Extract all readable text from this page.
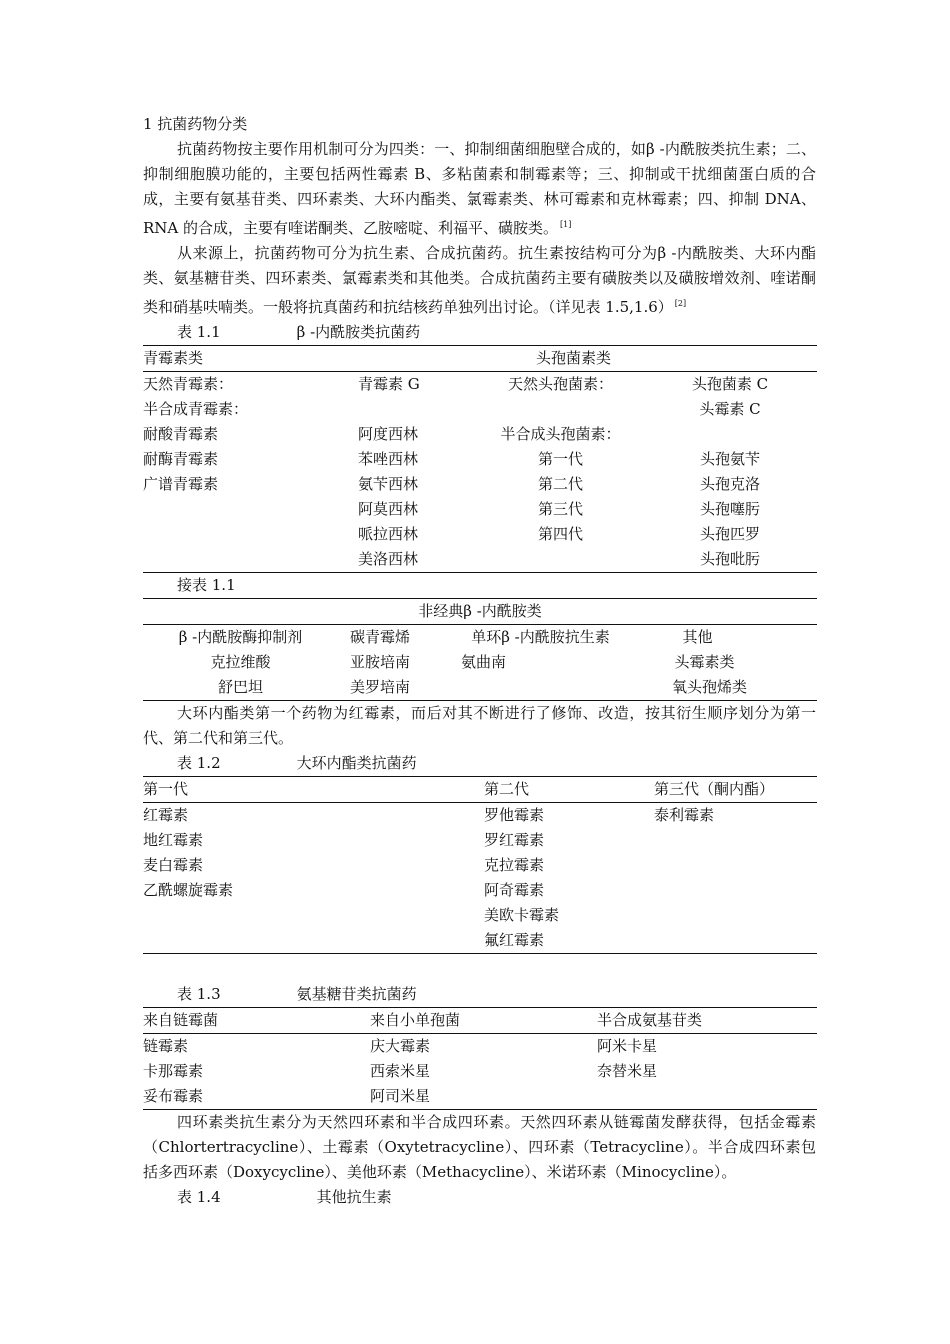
1 抗菌药物分类

抗菌药物按主要作用机制可分为四类：一、抑制细菌细胞壁合成的，如β -内酰胺类抗生素；二、抑制细胞膜功能的，主要包括两性霉素 B、多粘菌素和制霉素等；三、抑制或干扰细菌蛋白质的合成，主要有氨基苷类、四环素类、大环内酯类、氯霉素类、林可霉素和克林霉素；四、抑制 DNA、RNA 的合成，主要有喹诺酮类、乙胺嘧啶、利福平、磺胺类。 [1]

从来源上，抗菌药物可分为抗生素、合成抗菌药。抗生素按结构可分为β -内酰胺类、大环内酯类、氨基糖苷类、四环素类、氯霉素类和其他类。合成抗菌药主要有磺胺类以及磺胺增效剂、喹诺酮类和硝基呋喃类。一般将抗真菌药和抗结核药单独列出讨论。（详见表 1.5,1.6） [2]

表 1.1	β -内酰胺类抗菌药
青霉素类		头孢菌素类	
天然青霉素：	青霉素 G	天然头孢菌素：	头孢菌素 C
半合成青霉素：			头霉素 C
耐酸青霉素	阿度西林	半合成头孢菌素：	
耐酶青霉素	苯唑西林	第一代	头孢氨苄
广谱青霉素	氨苄西林	第二代	头孢克洛
	阿莫西林	第三代	头孢噻肟
	哌拉西林	第四代	头孢匹罗
	美洛西林		头孢吡肟
接表 1.1
非经典β -内酰胺类			
β -内酰胺酶抑制剂	碳青霉烯	单环β -内酰胺抗生素	其他
克拉维酸	亚胺培南	氨曲南	头霉素类
舒巴坦	美罗培南		氧头孢烯类

大环内酯类第一个药物为红霉素，而后对其不断进行了修饰、改造，按其衍生顺序划分为第一代、第二代和第三代。

表 1.2	大环内酯类抗菌药
第一代	第二代	第三代（酮内酯）
红霉素	罗他霉素	泰利霉素
地红霉素	罗红霉素	
麦白霉素	克拉霉素	
乙酰螺旋霉素	阿奇霉素	
	美欧卡霉素	
	氟红霉素	
表 1.3	氨基糖苷类抗菌药
来自链霉菌	来自小单孢菌	半合成氨基苷类
链霉素	庆大霉素	阿米卡星
卡那霉素	西索米星	奈替米星
妥布霉素	阿司米星	

四环素类抗生素分为天然四环素和半合成四环素。天然四环素从链霉菌发酵获得，包括金霉素（Chlortertracycline）、土霉素（Oxytetracycline）、四环素（Tetracycline）。半合成四环素包括多西环素（Doxycycline）、美他环素（Methacycline）、米诺环素（Minocycline）。

表 1.4	其他抗生素
